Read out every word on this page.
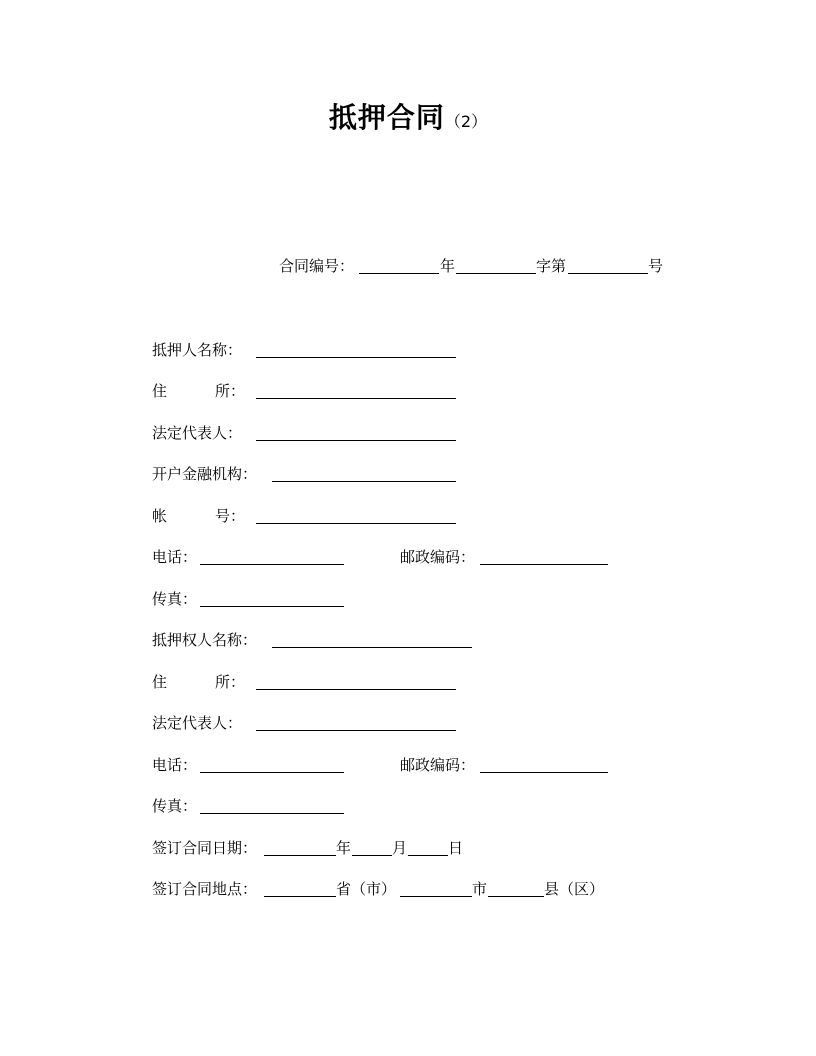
抵押合同（2）
合同编号：	年	字第	号
抵押人名称：
住	所：
法定代表人：
开户金融机构：
帐	号：
电话：	邮政编码：
传真：
抵押权人名称：
住	所：
法定代表人：
电话：	邮政编码：
传真：
签订合同日期：	年	月	日
签订合同地点：	省（市）	市	县（区）
